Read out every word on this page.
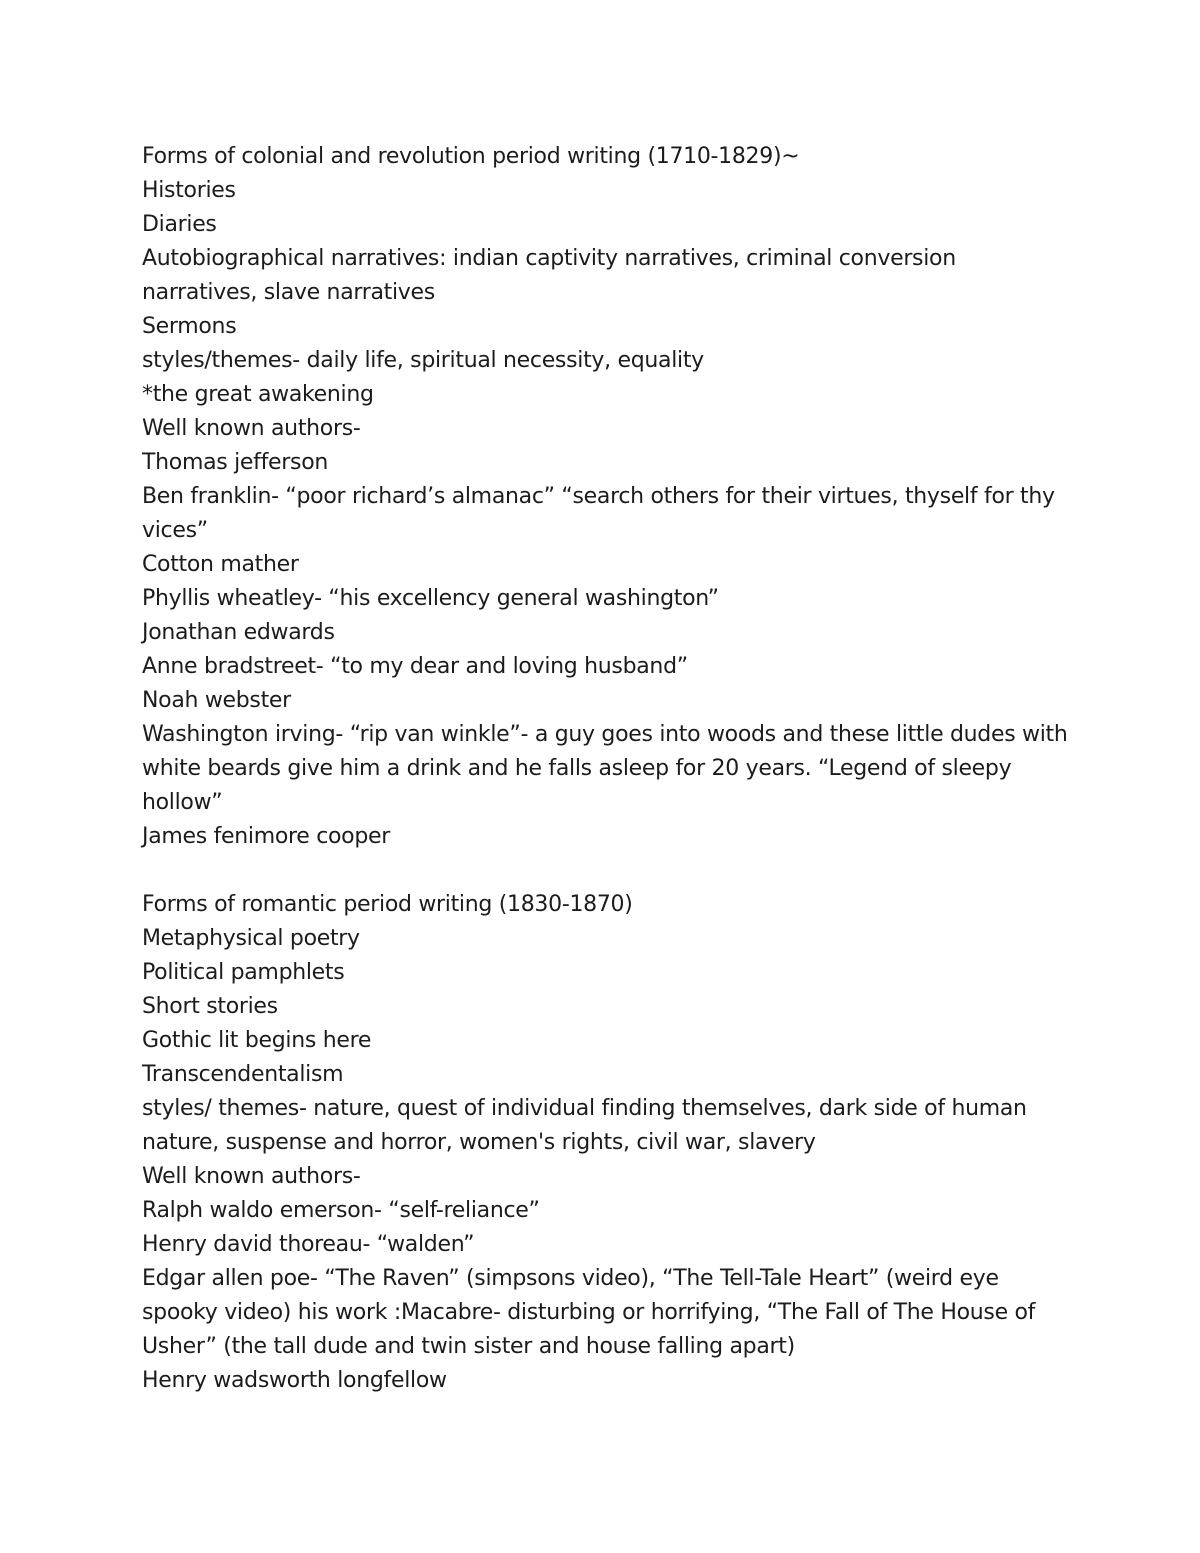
Forms of colonial and revolution period writing (1710-1829)~

Histories

Diaries

Autobiographical narratives: indian captivity narratives, criminal conversion narratives, slave narratives

Sermons

styles/themes- daily life, spiritual necessity, equality

*the great awakening

Well known authors-

Thomas jefferson

Ben franklin- “poor richard’s almanac” “search others for their virtues, thyself for thy vices”

Cotton mather

Phyllis wheatley- “his excellency general washington”

Jonathan edwards

Anne bradstreet- “to my dear and loving husband”

Noah webster

Washington irving- “rip van winkle”- a guy goes into woods and these little dudes with white beards give him a drink and he falls asleep for 20 years. “Legend of sleepy hollow”

James fenimore cooper

Forms of romantic period writing (1830-1870)

Metaphysical poetry

Political pamphlets

Short stories

Gothic lit begins here

Transcendentalism

styles/ themes- nature, quest of individual finding themselves, dark side of human nature, suspense and horror, women's rights, civil war, slavery

Well known authors-

Ralph waldo emerson- “self-reliance”

Henry david thoreau- “walden”

Edgar allen poe- “The Raven” (simpsons video), “The Tell-Tale Heart” (weird eye spooky video) his work :Macabre- disturbing or horrifying, “The Fall of The House of Usher” (the tall dude and twin sister and house falling apart)

Henry wadsworth longfellow
